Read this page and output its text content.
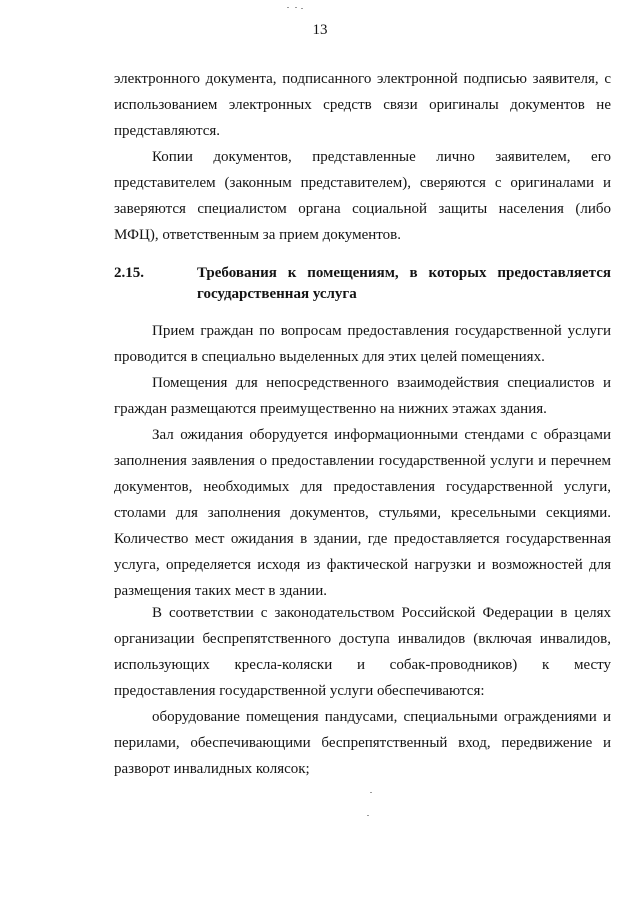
13

электронного документа, подписанного электронной подписью заявителя, с использованием электронных средств связи оригиналы документов не представляются.

Копии документов, представленные лично заявителем, его представителем (законным представителем), сверяются с оригиналами и заверяются специалистом органа социальной защиты населения (либо МФЦ), ответственным за прием документов.

2.15.	Требования к помещениям, в которых предоставляется государственная услуга

Прием граждан по вопросам предоставления государственной услуги проводится в специально выделенных для этих целей помещениях.

Помещения для непосредственного взаимодействия специалистов и граждан размещаются преимущественно на нижних этажах здания.

Зал ожидания оборудуется информационными стендами с образцами заполнения заявления о предоставлении государственной услуги и перечнем документов, необходимых для предоставления государственной услуги, столами для заполнения документов, стульями, кресельными секциями. Количество мест ожидания в здании, где предоставляется государственная услуга, определяется исходя из фактической нагрузки и возможностей для размещения таких мест в здании.

В соответствии с законодательством Российской Федерации в целях организации беспрепятственного доступа инвалидов (включая инвалидов, использующих кресла-коляски и собак-проводников) к месту предоставления государственной услуги обеспечиваются:

оборудование помещения пандусами, специальными ограждениями и перилами, обеспечивающими беспрепятственный вход, передвижение и разворот инвалидных колясок;
